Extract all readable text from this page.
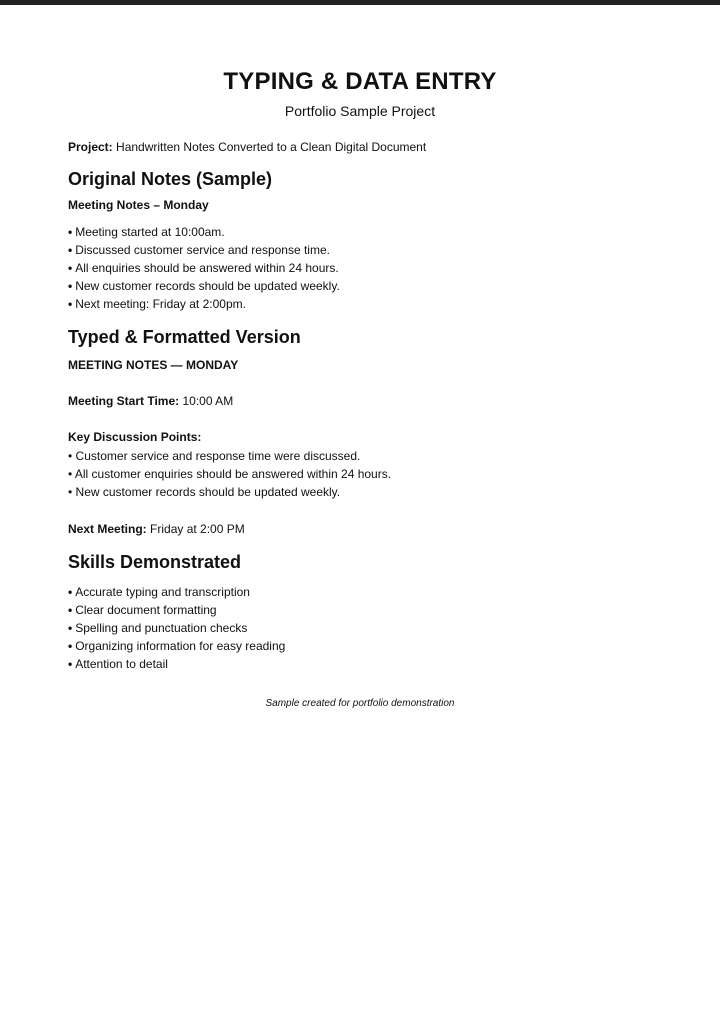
TYPING & DATA ENTRY

Portfolio Sample Project

Project: Handwritten Notes Converted to a Clean Digital Document

Original Notes (Sample)

Meeting Notes – Monday

• Meeting started at 10:00am.
• Discussed customer service and response time.
• All enquiries should be answered within 24 hours.
• New customer records should be updated weekly.
• Next meeting: Friday at 2:00pm.
Typed & Formatted Version

MEETING NOTES — MONDAY

Meeting Start Time: 10:00 AM
Key Discussion Points:
• Customer service and response time were discussed.
• All customer enquiries should be answered within 24 hours.
• New customer records should be updated weekly.
Next Meeting: Friday at 2:00 PM
Skills Demonstrated
• Accurate typing and transcription
• Clear document formatting
• Spelling and punctuation checks
• Organizing information for easy reading
• Attention to detail

Sample created for portfolio demonstration
